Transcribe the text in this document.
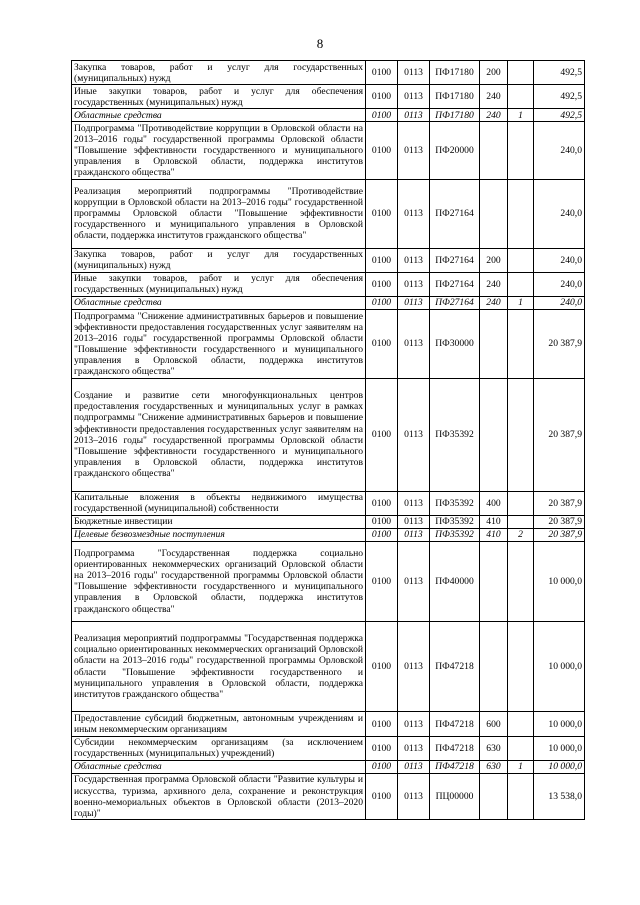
8
Закупка товаров, работ и услуг для государственных (муниципальных) нужд	0100	0113	ПФ17180	200		492,5
Иные закупки товаров, работ и услуг для обеспечения государственных (муниципальных) нужд	0100	0113	ПФ17180	240		492,5
Областные средства	0100	0113	ПФ17180	240	1	492,5
Подпрограмма "Противодействие коррупции в Орловской области на 2013–2016 годы" государственной программы Орловской области "Повышение эффективности государственного и муниципального управления в Орловской области, поддержка институтов гражданского общества"	0100	0113	ПФ20000			240,0
Реализация мероприятий подпрограммы "Противодействие коррупции в Орловской области на 2013–2016 годы" государственной программы Орловской области "Повышение эффективности государственного и муниципального управления в Орловской области, поддержка институтов гражданского общества"	0100	0113	ПФ27164			240,0
Закупка товаров, работ и услуг для государственных (муниципальных) нужд	0100	0113	ПФ27164	200		240,0
Иные закупки товаров, работ и услуг для обеспечения государственных (муниципальных) нужд	0100	0113	ПФ27164	240		240,0
Областные средства	0100	0113	ПФ27164	240	1	240,0
Подпрограмма "Снижение административных барьеров и повышение эффективности предоставления государственных услуг заявителям на 2013–2016 годы" государственной программы Орловской области "Повышение эффективности государственного и муниципального управления в Орловской области, поддержка институтов гражданского общества"	0100	0113	ПФ30000			20 387,9
Создание и развитие сети многофункциональных центров предоставления государственных и муниципальных услуг в рамках подпрограммы "Снижение административных барьеров и повышение эффективности предоставления государственных услуг заявителям на 2013–2016 годы" государственной программы Орловской области "Повышение эффективности государственного и муниципального управления в Орловской области, поддержка институтов гражданского общества"	0100	0113	ПФ35392			20 387,9
Капитальные вложения в объекты недвижимого имущества государственной (муниципальной) собственности	0100	0113	ПФ35392	400		20 387,9
Бюджетные инвестиции	0100	0113	ПФ35392	410		20 387,9
Целевые безвозмездные поступления	0100	0113	ПФ35392	410	2	20 387,9
Подпрограмма "Государственная поддержка социально ориентированных некоммерческих организаций Орловской области на 2013–2016 годы" государственной программы Орловской области "Повышение эффективности государственного и муниципального управления в Орловской области, поддержка институтов гражданского общества"	0100	0113	ПФ40000			10 000,0
Реализация мероприятий подпрограммы "Государственная поддержка социально ориентированных некоммерческих организаций Орловской области на 2013–2016 годы" государственной программы Орловской области "Повышение эффективности государственного и муниципального управления в Орловской области, поддержка институтов гражданского общества"	0100	0113	ПФ47218			10 000,0
Предоставление субсидий бюджетным, автономным учреждениям и иным некоммерческим организациям	0100	0113	ПФ47218	600		10 000,0
Субсидии некоммерческим организациям (за исключением государственных (муниципальных) учреждений)	0100	0113	ПФ47218	630		10 000,0
Областные средства	0100	0113	ПФ47218	630	1	10 000,0
Государственная программа Орловской области "Развитие культуры и искусства, туризма, архивного дела, сохранение и реконструкция военно-мемориальных объектов в Орловской области (2013–2020 годы)"	0100	0113	ПЦ00000			13 538,0
